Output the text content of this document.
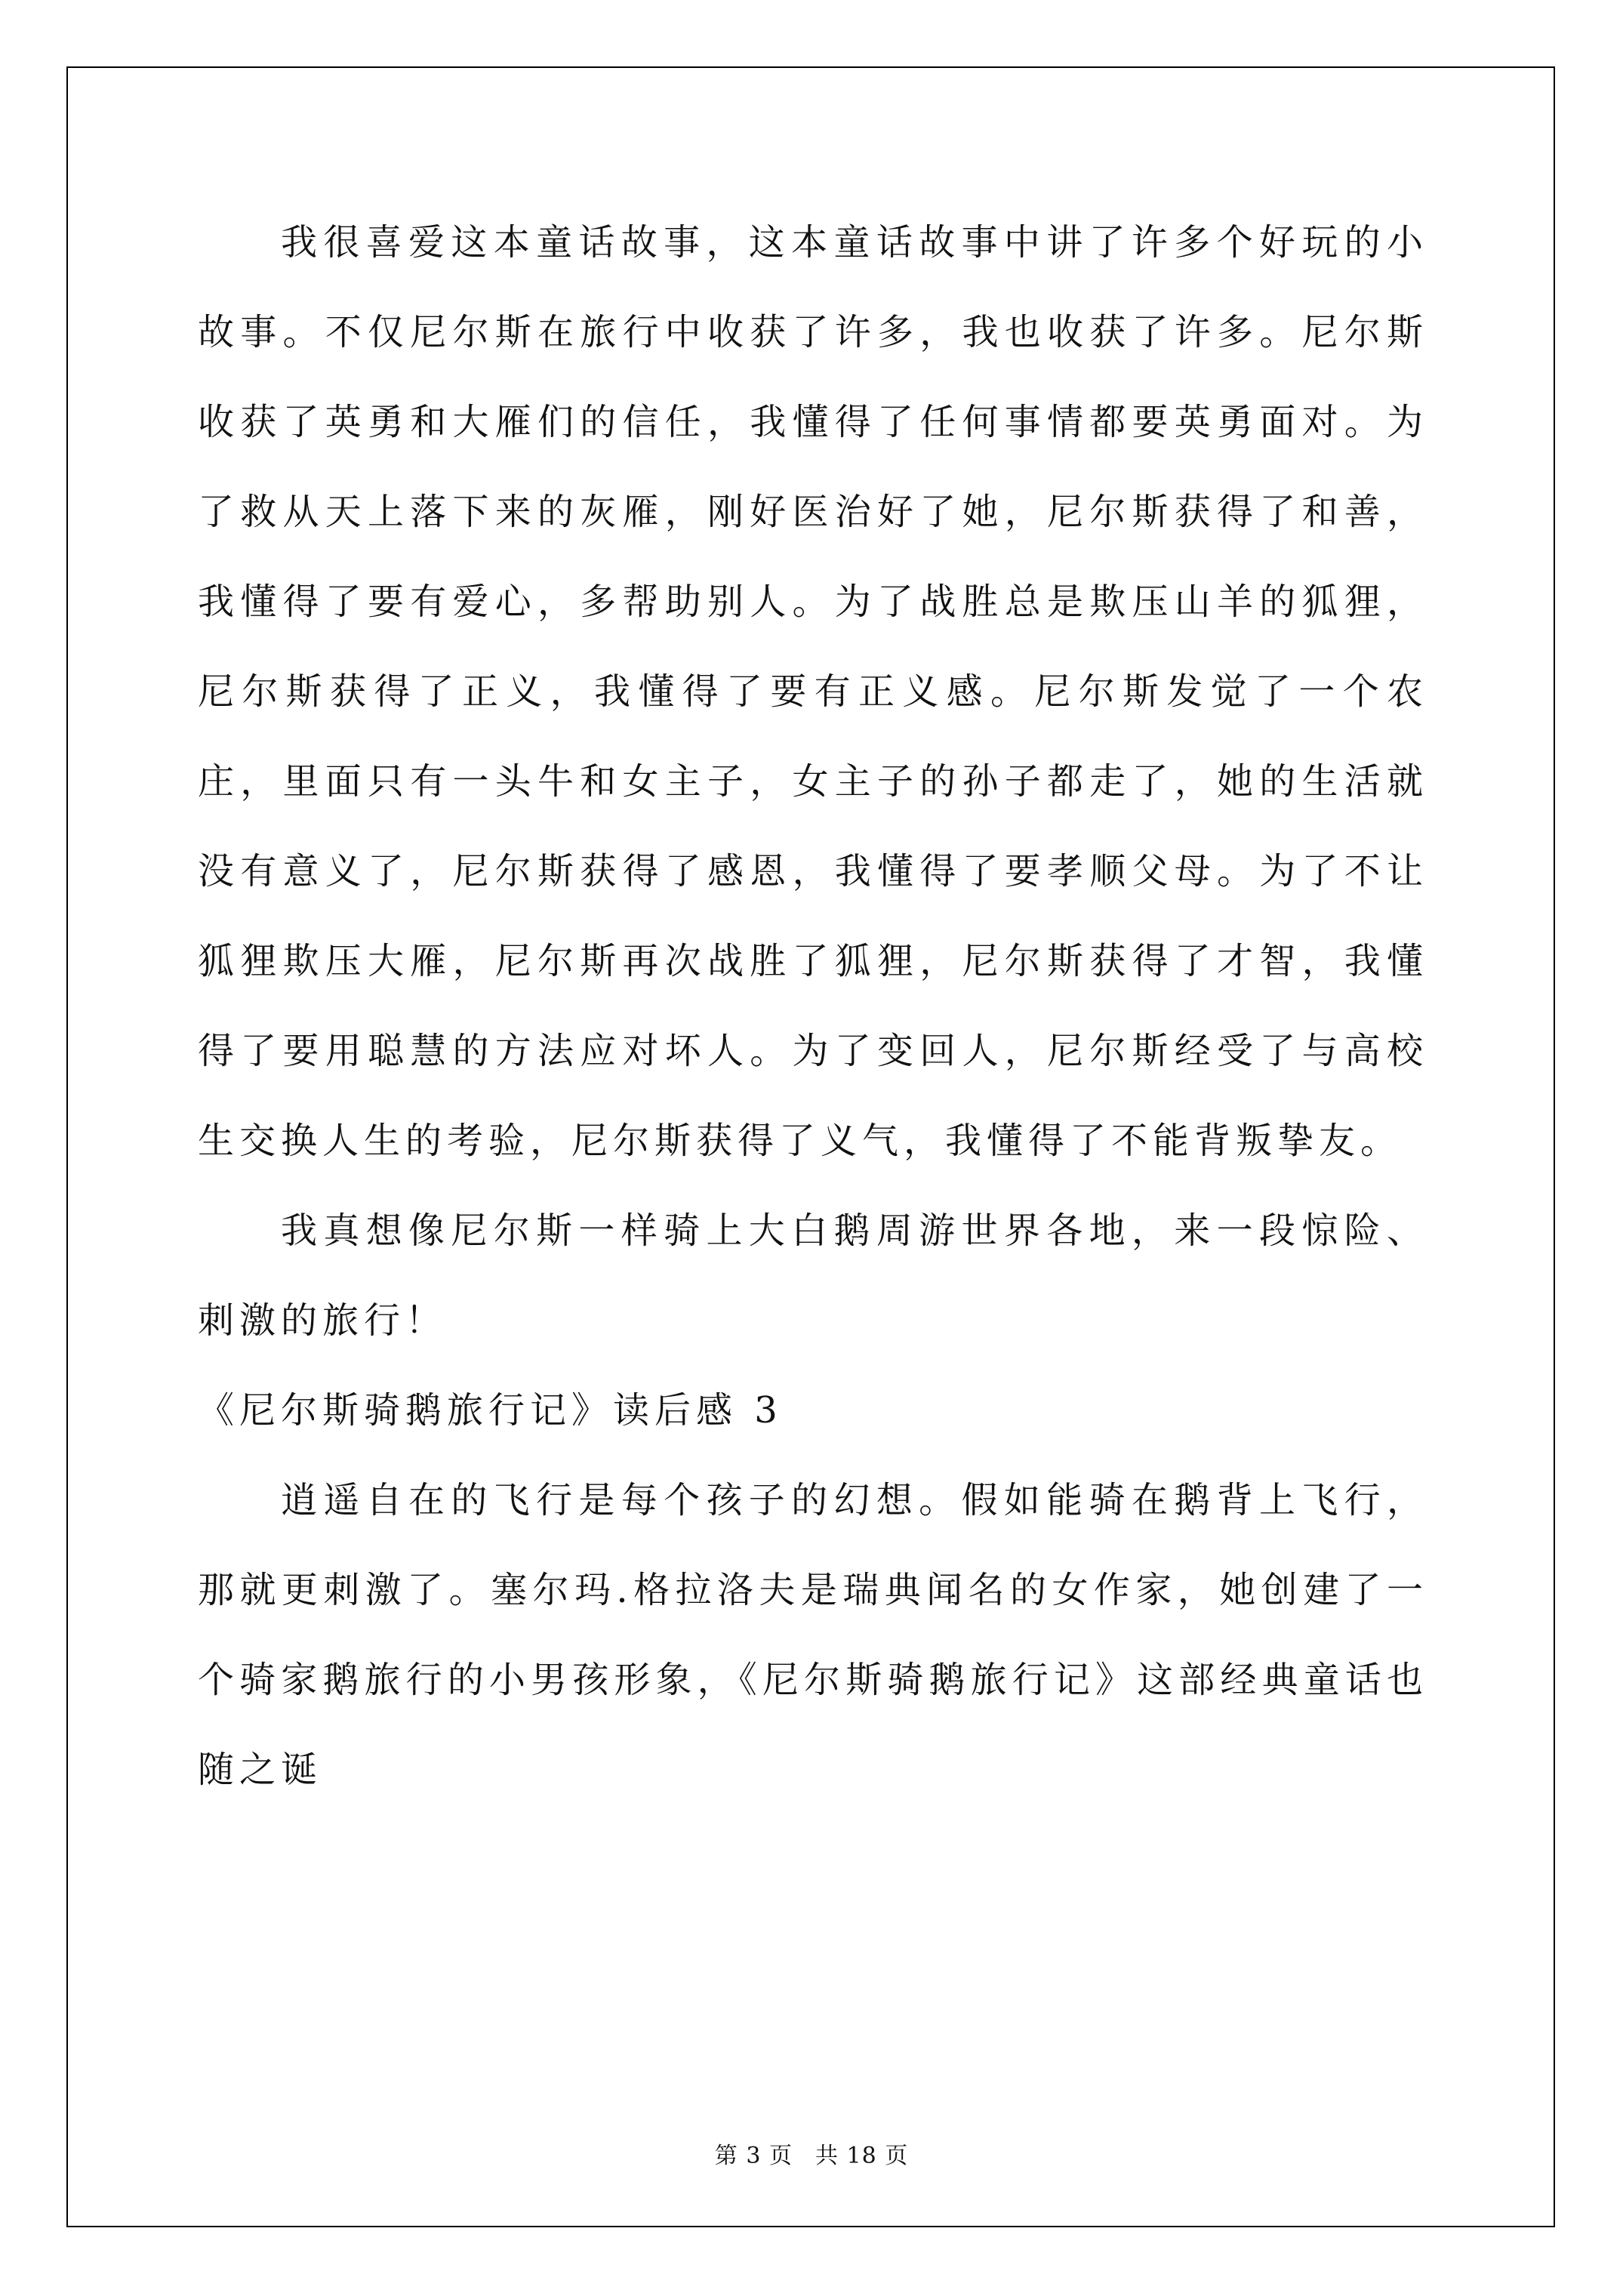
我很喜爱这本童话故事，这本童话故事中讲了许多个好玩的小故事。不仅尼尔斯在旅行中收获了许多，我也收获了许多。尼尔斯收获了英勇和大雁们的信任，我懂得了任何事情都要英勇面对。为了救从天上落下来的灰雁，刚好医治好了她，尼尔斯获得了和善，我懂得了要有爱心，多帮助别人。为了战胜总是欺压山羊的狐狸，尼尔斯获得了正义，我懂得了要有正义感。尼尔斯发觉了一个农庄，里面只有一头牛和女主子，女主子的孙子都走了，她的生活就没有意义了，尼尔斯获得了感恩，我懂得了要孝顺父母。为了不让狐狸欺压大雁，尼尔斯再次战胜了狐狸，尼尔斯获得了才智，我懂得了要用聪慧的方法应对坏人。为了变回人，尼尔斯经受了与高校生交换人生的考验，尼尔斯获得了义气，我懂得了不能背叛挚友。

我真想像尼尔斯一样骑上大白鹅周游世界各地，来一段惊险、刺激的旅行！

《尼尔斯骑鹅旅行记》读后感 3

逍遥自在的飞行是每个孩子的幻想。假如能骑在鹅背上飞行，那就更刺激了。塞尔玛.格拉洛夫是瑞典闻名的女作家，她创建了一个骑家鹅旅行的小男孩形象，《尼尔斯骑鹅旅行记》这部经典童话也随之诞

第 3 页 共 18 页
